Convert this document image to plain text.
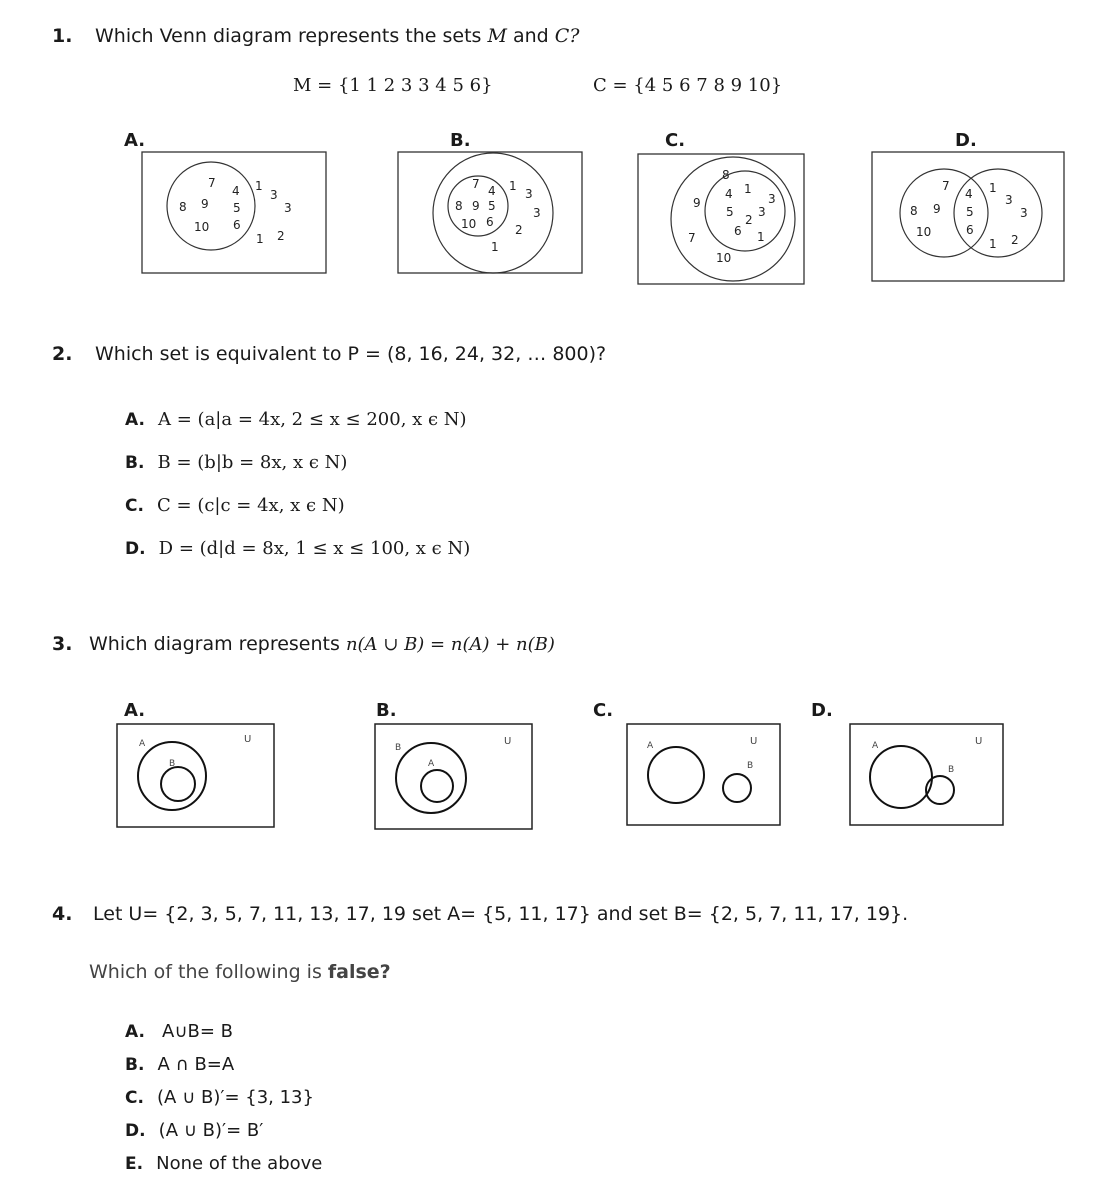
1. Which Venn diagram represents the sets M and C?
M = {1 1 2 3 3 4 5 6}	C = {4 5 6 7 8 9 10}
A.	B.	C.	D.
7
4 1
3
8 9 5	3
10 6
1 2
7 4 1
3
8 9 5	3
10 6
2
1
8
4 1
3
9
5
2
3
6 1
7
10
7
4 1
3
8 9 5	3
10	6
1 2
2. Which set is equivalent to P = (8, 16, 24, 32, … 800)?
A. A = (a|a = 4x, 2 ≤ x ≤ 200, x ϵ N)
B. B = (b|b = 8x, x ϵ N)
C. C = (c|c = 4x, x ϵ N)
D. D = (d|d = 8x, 1 ≤ x ≤ 100, x ϵ N)
3. Which diagram represents n(A ∪ B) = n(A) + n(B)
A.	B.	C.	D.
A
B
U
B
A
U	A
B
U	A
B
U
4. Let U= {2, 3, 5, 7, 11, 13, 17, 19 set A= {5, 11, 17} and set B= {2, 5, 7, 11, 17, 19}.
Which of the following is false?
A. A∪B= B
B. A ∩ B=A
C. (A ∪ B)′= {3, 13}
D. (A ∪ B)′= B′
E. None of the above
